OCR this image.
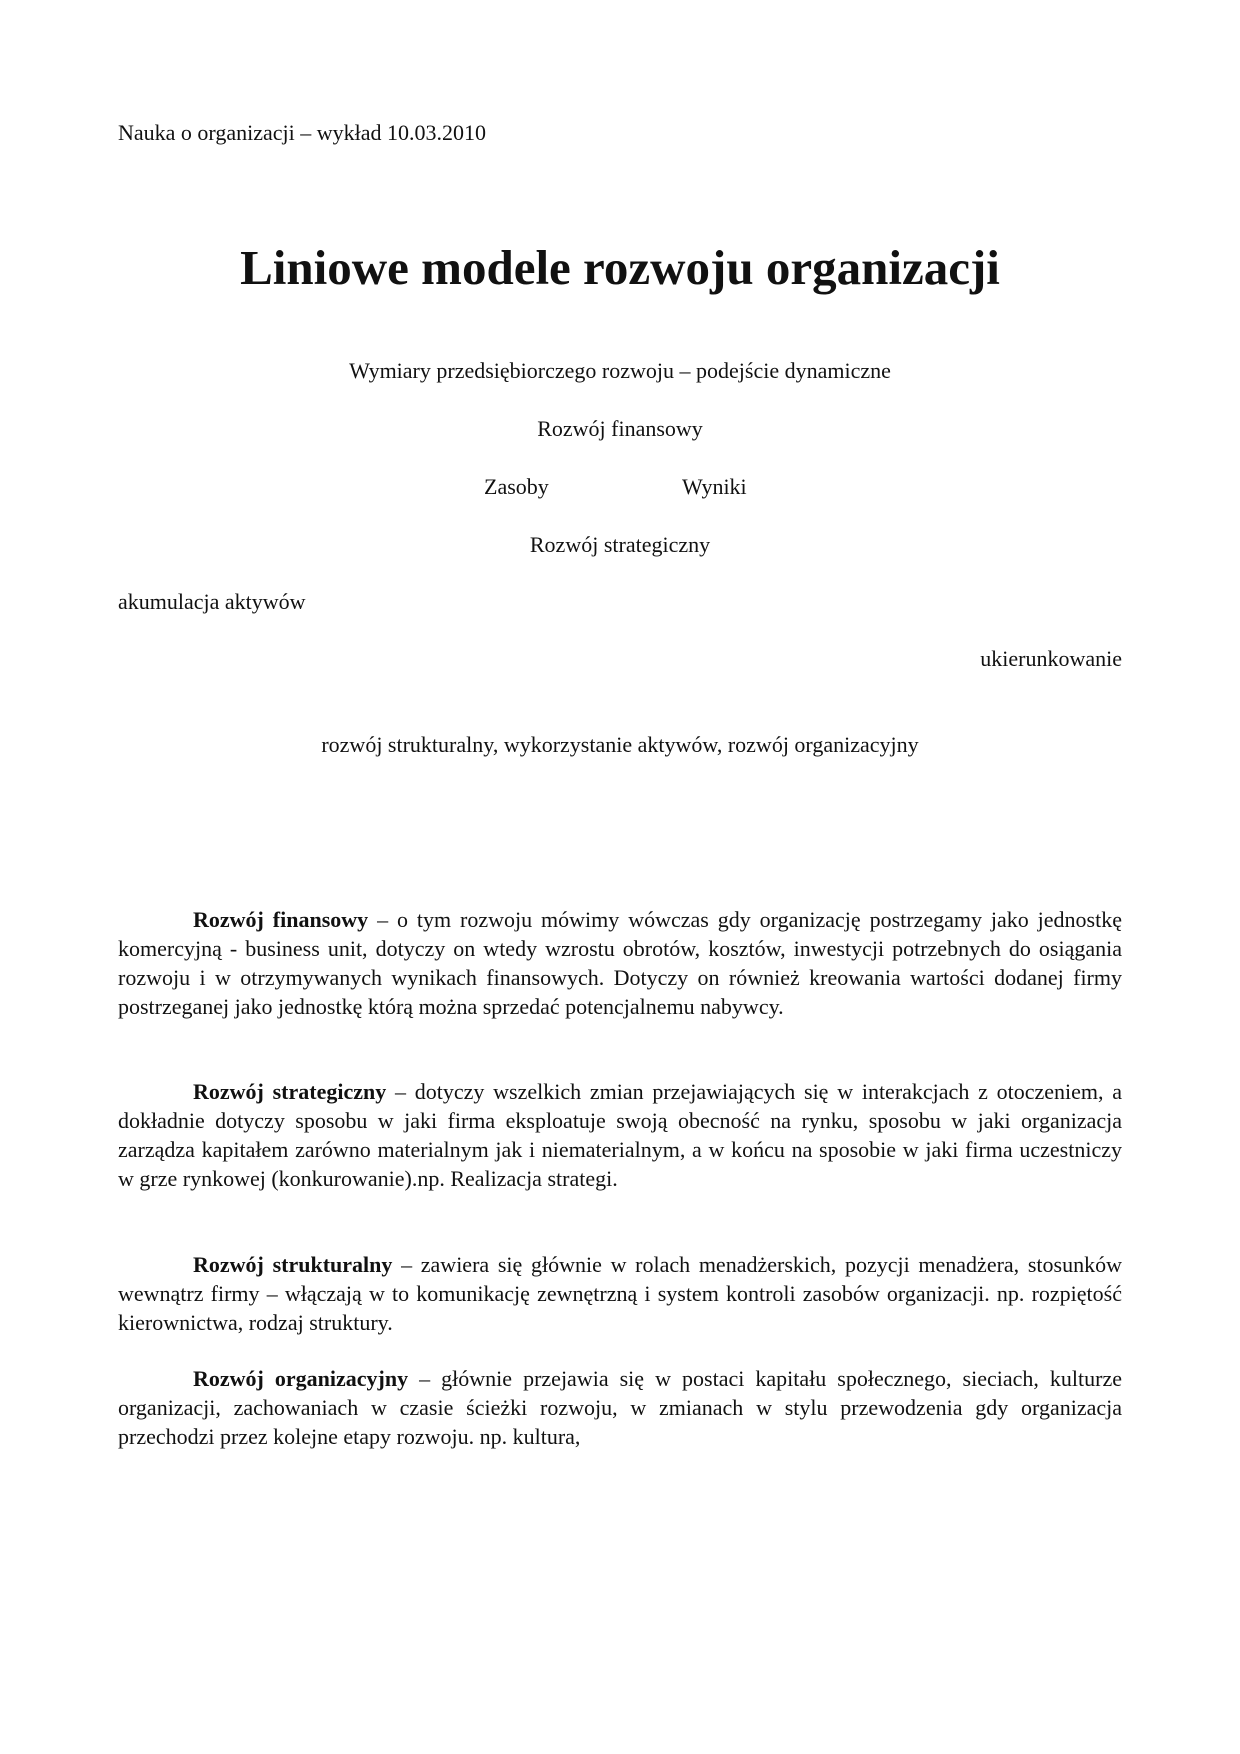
Nauka o organizacji – wykład 10.03.2010
Liniowe modele rozwoju organizacji
Wymiary przedsiębiorczego rozwoju – podejście dynamiczne
Rozwój finansowy
Zasoby	Wyniki
Rozwój strategiczny
akumulacja aktywów
ukierunkowanie
rozwój strukturalny, wykorzystanie aktywów, rozwój organizacyjny

Rozwój finansowy – o tym rozwoju mówimy wówczas gdy organizację postrzegamy jako jednostkę komercyjną - business unit, dotyczy on wtedy wzrostu obrotów, kosztów, inwestycji potrzebnych do osiągania rozwoju i w otrzymywanych wynikach finansowych. Dotyczy on również kreowania wartości dodanej firmy postrzeganej jako jednostkę którą można sprzedać potencjalnemu nabywcy.

Rozwój strategiczny – dotyczy wszelkich zmian przejawiających się w interakcjach z otoczeniem, a dokładnie dotyczy sposobu w jaki firma eksploatuje swoją obecność na rynku, sposobu w jaki organizacja zarządza kapitałem zarówno materialnym jak i niematerialnym, a w końcu na sposobie w jaki firma uczestniczy w grze rynkowej (konkurowanie).np. Realizacja strategi.

Rozwój strukturalny – zawiera się głównie w rolach menadżerskich, pozycji menadżera, stosunków wewnątrz firmy – włączają w to komunikację zewnętrzną i system kontroli zasobów organizacji. np. rozpiętość kierownictwa, rodzaj struktury.

Rozwój organizacyjny – głównie przejawia się w postaci kapitału społecznego, sieciach, kulturze organizacji, zachowaniach w czasie ścieżki rozwoju, w zmianach w stylu przewodzenia gdy organizacja przechodzi przez kolejne etapy rozwoju. np. kultura,
